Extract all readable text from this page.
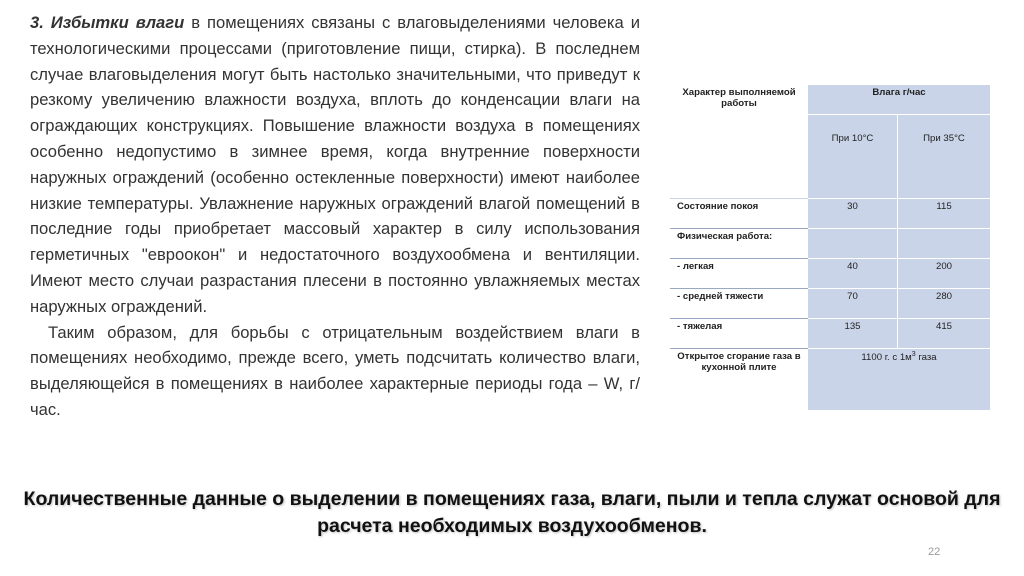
3. Избытки влаги в помещениях связаны с влаговыделениями человека и технологическими процессами (приготовление пищи, стирка). В последнем случае влаговыделения могут быть настолько значительными, что приведут к резкому увеличению влажности воздуха, вплоть до конденсации влаги на ограждающих конструкциях. Повышение влажности воздуха в помещениях особенно недопустимо в зимнее время, когда внутренние поверхности наружных ограждений (особенно остекленные поверхности) имеют наиболее низкие температуры. Увлажнение наружных ограждений влагой помещений в последние годы приобретает массовый характер в силу использования герметичных "евроокон" и недостаточного воздухообмена и вентиляции. Имеют место случаи разрастания плесени в постоянно увлажняемых местах наружных ограждений.

Таким образом, для борьбы с отрицательным воздействием влаги в помещениях необходимо, прежде всего, уметь подсчитать количество влаги, выделяющейся в помещениях в наиболее характерные периоды года – W, г/час.

Характер выполняемой работы	Влага г/час	
	При 10°С	При 35°С
Состояние покоя	30	115
Физическая работа:		
- легкая	40	200
- средней тяжести	70	280
- тяжелая	135	415
Открытое сгорание газа в кухонной плите	1100 г. с $1м^3$ газа	
Количественные данные о выделении в помещениях газа, влаги, пыли и тепла служат основой для расчета необходимых воздухообменов.
22
